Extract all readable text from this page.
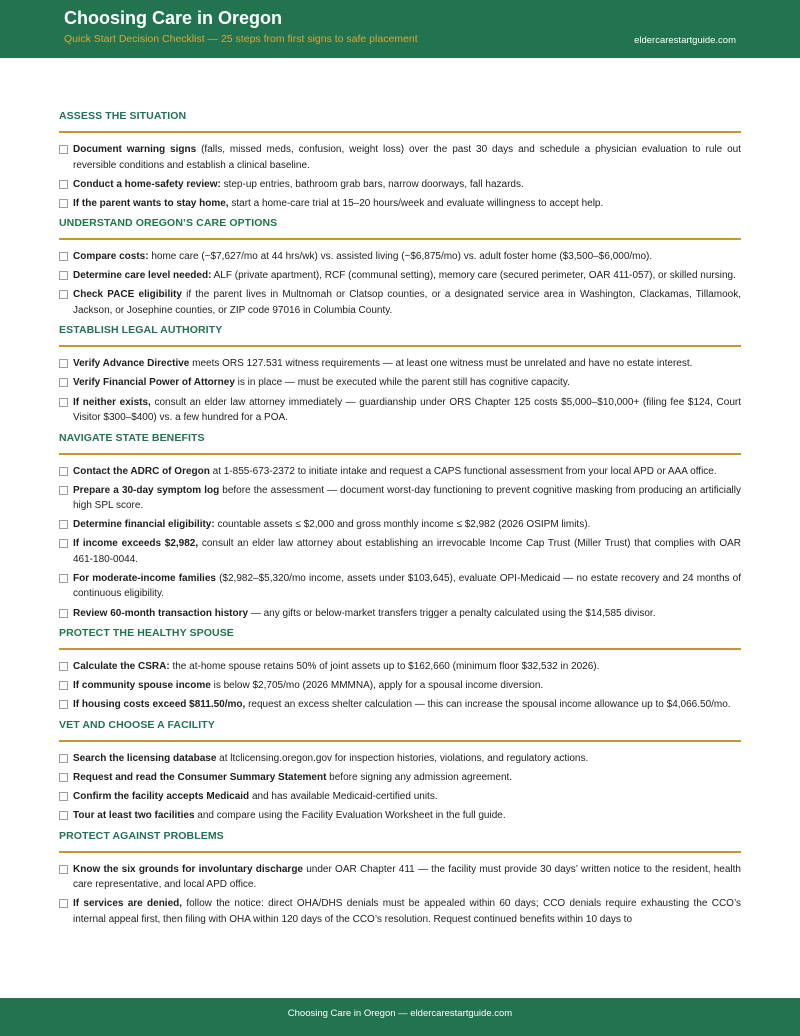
Choosing Care in Oregon
Quick Start Decision Checklist — 25 steps from first signs to safe placement	eldercarestartguide.com
ASSESS THE SITUATION
Document warning signs (falls, missed meds, confusion, weight loss) over the past 30 days and schedule a physician evaluation to rule out reversible conditions and establish a clinical baseline.
Conduct a home-safety review: step-up entries, bathroom grab bars, narrow doorways, fall hazards.
If the parent wants to stay home, start a home-care trial at 15–20 hours/week and evaluate willingness to accept help.
UNDERSTAND OREGON’S CARE OPTIONS
Compare costs: home care (~$7,627/mo at 44 hrs/wk) vs. assisted living (~$6,875/mo) vs. adult foster home ($3,500–$6,000/mo).
Determine care level needed: ALF (private apartment), RCF (communal setting), memory care (secured perimeter, OAR 411-057), or skilled nursing.
Check PACE eligibility if the parent lives in Multnomah or Clatsop counties, or a designated service area in Washington, Clackamas, Tillamook, Jackson, or Josephine counties, or ZIP code 97016 in Columbia County.
ESTABLISH LEGAL AUTHORITY
Verify Advance Directive meets ORS 127.531 witness requirements — at least one witness must be unrelated and have no estate interest.
Verify Financial Power of Attorney is in place — must be executed while the parent still has cognitive capacity.
If neither exists, consult an elder law attorney immediately — guardianship under ORS Chapter 125 costs $5,000–$10,000+ (filing fee $124, Court Visitor $300–$400) vs. a few hundred for a POA.
NAVIGATE STATE BENEFITS
Contact the ADRC of Oregon at 1-855-673-2372 to initiate intake and request a CAPS functional assessment from your local APD or AAA office.
Prepare a 30-day symptom log before the assessment — document worst-day functioning to prevent cognitive masking from producing an artificially high SPL score.
Determine financial eligibility: countable assets ≤ $2,000 and gross monthly income ≤ $2,982 (2026 OSIPM limits).
If income exceeds $2,982, consult an elder law attorney about establishing an irrevocable Income Cap Trust (Miller Trust) that complies with OAR 461-180-0044.
For moderate-income families ($2,982–$5,320/mo income, assets under $103,645), evaluate OPI-Medicaid — no estate recovery and 24 months of continuous eligibility.
Review 60-month transaction history — any gifts or below-market transfers trigger a penalty calculated using the $14,585 divisor.
PROTECT THE HEALTHY SPOUSE
Calculate the CSRA: the at-home spouse retains 50% of joint assets up to $162,660 (minimum floor $32,532 in 2026).
If community spouse income is below $2,705/mo (2026 MMMNA), apply for a spousal income diversion.
If housing costs exceed $811.50/mo, request an excess shelter calculation — this can increase the spousal income allowance up to $4,066.50/mo.
VET AND CHOOSE A FACILITY
Search the licensing database at ltclicensing.oregon.gov for inspection histories, violations, and regulatory actions.
Request and read the Consumer Summary Statement before signing any admission agreement.
Confirm the facility accepts Medicaid and has available Medicaid-certified units.
Tour at least two facilities and compare using the Facility Evaluation Worksheet in the full guide.
PROTECT AGAINST PROBLEMS
Know the six grounds for involuntary discharge under OAR Chapter 411 — the facility must provide 30 days’ written notice to the resident, health care representative, and local APD office.
If services are denied, follow the notice: direct OHA/DHS denials must be appealed within 60 days; CCO denials require exhausting the CCO’s internal appeal first, then filing with OHA within 120 days of the CCO’s resolution. Request continued benefits within 10 days to
Choosing Care in Oregon — eldercarestartguide.com
